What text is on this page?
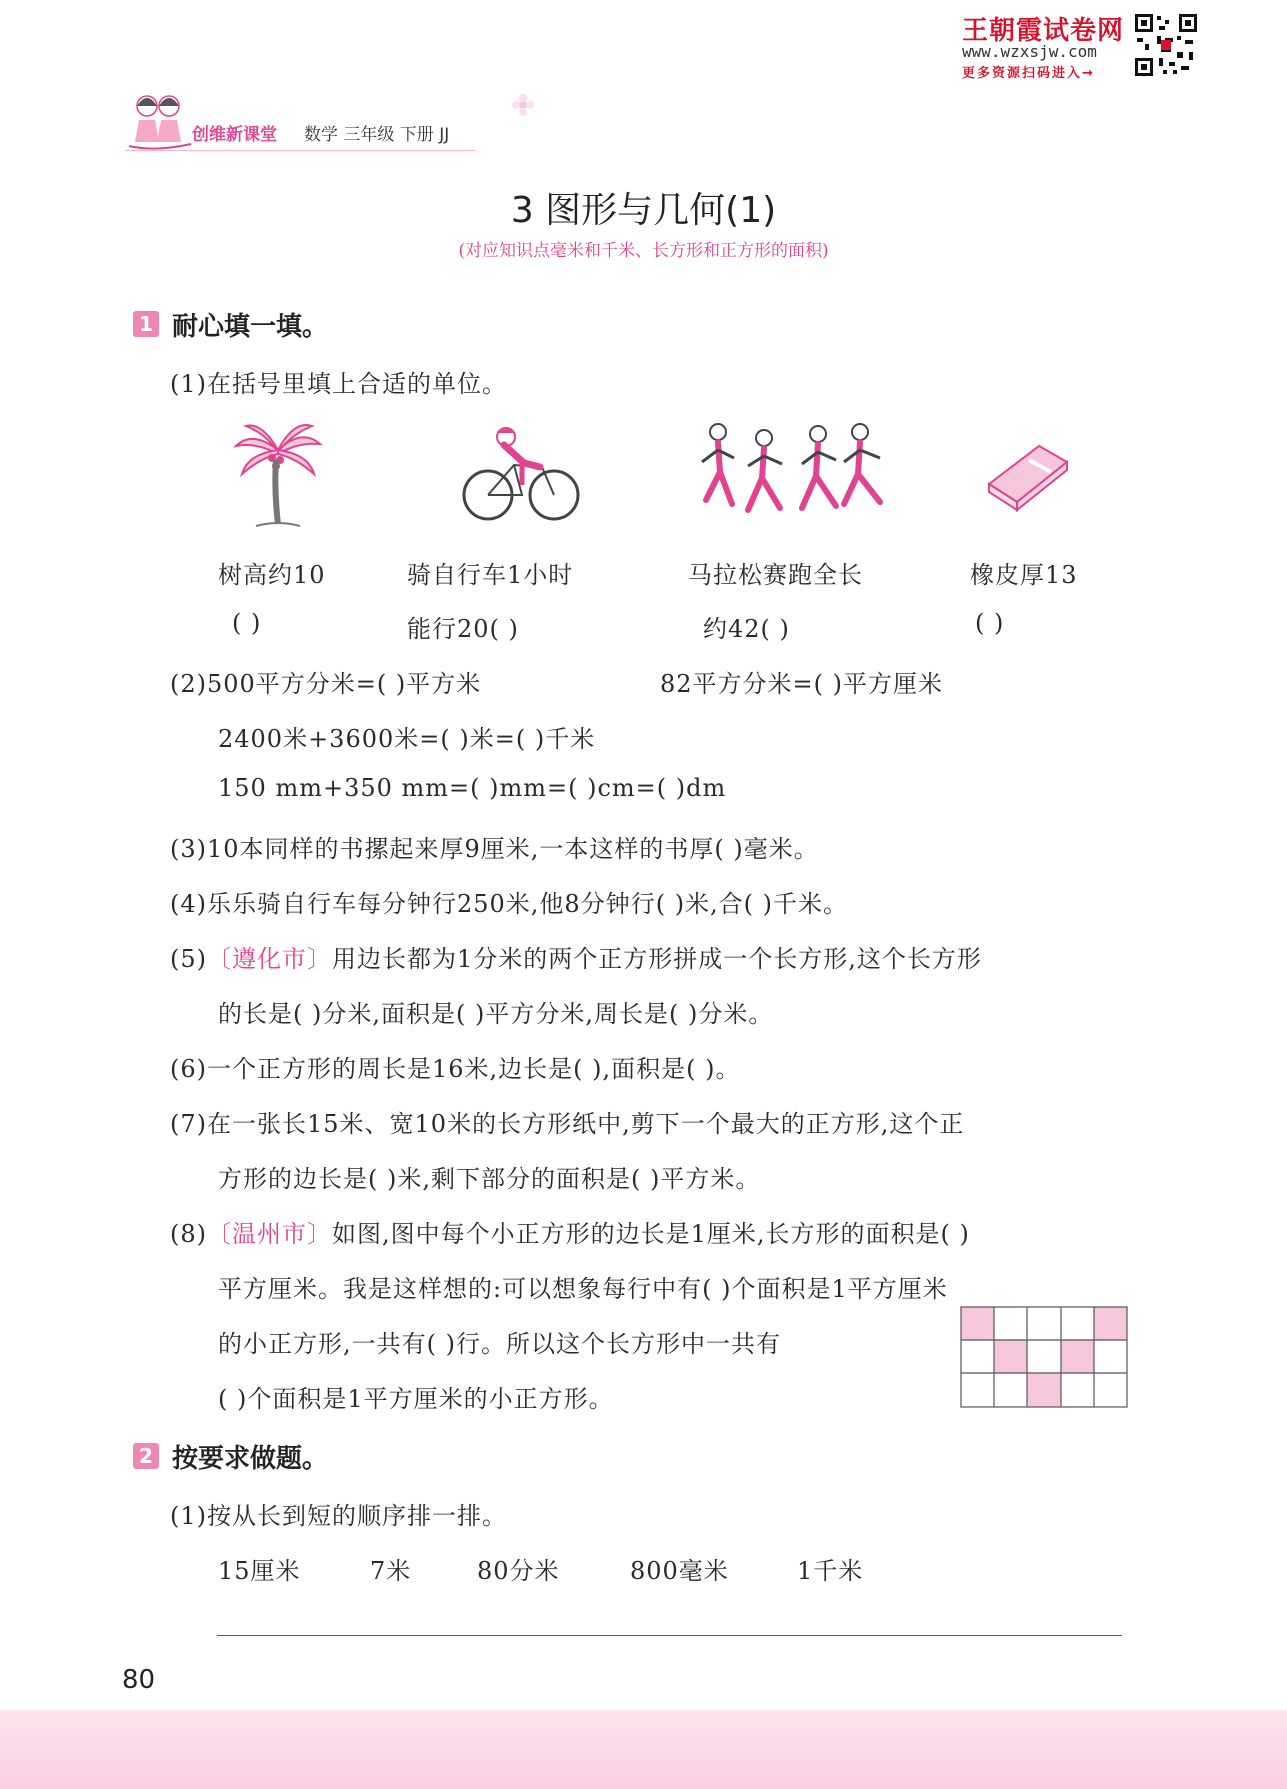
王朝霞试卷网
www.wzxsjw.com
更多资源扫码进入→
创维新课堂 数学 三年级 下册 JJ
3 图形与几何(1)
(对应知识点毫米和千米、长方形和正方形的面积)
1 耐心填一填。
(1)在括号里填上合适的单位。
树高约10
( )
骑自行车1小时
能行20( )
马拉松赛跑全长
约42( )
橡皮厚13
( )
(2)500平方分米=( )平方米	82平方分米=( )平方厘米
2400米+3600米=( )米=( )千米
150 mm+350 mm=( )mm=( )cm=( )dm
(3)10本同样的书摞起来厚9厘米,一本这样的书厚( )毫米。
(4)乐乐骑自行车每分钟行250米,他8分钟行( )米,合( )千米。
(5)〔遵化市〕用边长都为1分米的两个正方形拼成一个长方形,这个长方形
的长是( )分米,面积是( )平方分米,周长是( )分米。
(6)一个正方形的周长是16米,边长是( ),面积是( )。
(7)在一张长15米、宽10米的长方形纸中,剪下一个最大的正方形,这个正
方形的边长是( )米,剩下部分的面积是( )平方米。
(8)〔温州市〕如图,图中每个小正方形的边长是1厘米,长方形的面积是( )
平方厘米。我是这样想的:可以想象每行中有( )个面积是1平方厘米
的小正方形,一共有( )行。所以这个长方形中一共有
( )个面积是1平方厘米的小正方形。
2 按要求做题。
(1)按从长到短的顺序排一排。
15厘米	7米	80分米	800毫米	1千米
80
